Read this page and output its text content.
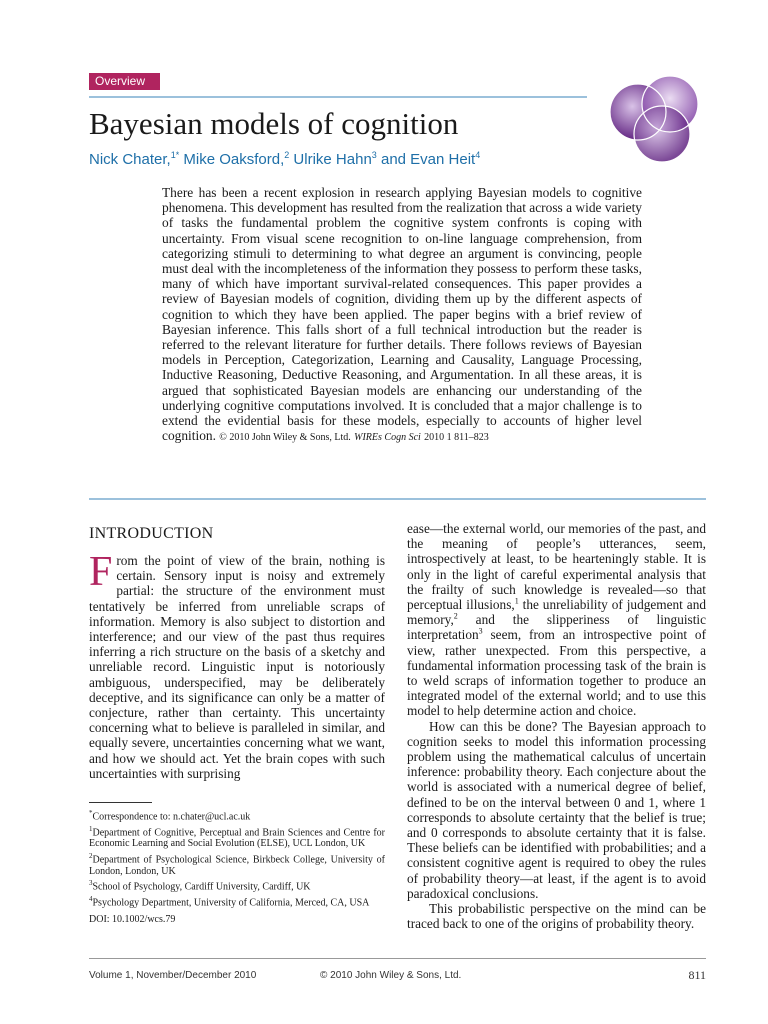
Overview
Bayesian models of cognition
Nick Chater,$^{1*}$ Mike Oaksford,$^2$ Ulrike Hahn$^3$ and Evan Heit$^4$
There has been a recent explosion in research applying Bayesian models to cognitive phenomena. This development has resulted from the realization that across a wide variety of tasks the fundamental problem the cognitive system confronts is coping with uncertainty. From visual scene recognition to on-line language comprehension, from categorizing stimuli to determining to what degree an argument is convincing, people must deal with the incompleteness of the information they possess to perform these tasks, many of which have important survival-related consequences. This paper provides a review of Bayesian models of cognition, dividing them up by the different aspects of cognition to which they have been applied. The paper begins with a brief review of Bayesian inference. This falls short of a full technical introduction but the reader is referred to the relevant literature for further details. There follows reviews of Bayesian models in Perception, Categorization, Learning and Causality, Language Processing, Inductive Reasoning, Deductive Reasoning, and Argumentation. In all these areas, it is argued that sophisticated Bayesian models are enhancing our understanding of the underlying cognitive computations involved. It is concluded that a major challenge is to extend the evidential basis for these models, especially to accounts of higher level cognition. © 2010 John Wiley & Sons, Ltd. WIREs Cogn Sci 2010 1 811–823
INTRODUCTION

From the point of view of the brain, nothing is certain. Sensory input is noisy and extremely partial: the structure of the environment must tentatively be inferred from unreliable scraps of information. Memory is also subject to distortion and interference; and our view of the past thus requires inferring a rich structure on the basis of a sketchy and unreliable record. Linguistic input is notoriously ambiguous, underspecified, may be deliberately deceptive, and its significance can only be a matter of conjecture, rather than certainty. This uncertainty concerning what to believe is paralleled in similar, and equally severe, uncertainties concerning what we want, and how we should act. Yet the brain copes with such uncertainties with surprising

*Correspondence to: n.chater@ucl.ac.uk

$^1$Department of Cognitive, Perceptual and Brain Sciences and Centre for Economic Learning and Social Evolution (ELSE), UCL London, UK

$^2$Department of Psychological Science, Birkbeck College, University of London, London, UK

$^3$School of Psychology, Cardiff University, Cardiff, UK

$^4$Psychology Department, University of California, Merced, CA, USA

DOI: 10.1002/wcs.79

ease—the external world, our memories of the past, and the meaning of people’s utterances, seem, introspectively at least, to be hearteningly stable. It is only in the light of careful experimental analysis that the frailty of such knowledge is revealed—so that perceptual illusions,$^1$ the unreliability of judgement and memory,$^2$ and the slipperiness of linguistic interpretation$^3$ seem, from an introspective point of view, rather unexpected. From this perspective, a fundamental information processing task of the brain is to weld scraps of information together to produce an integrated model of the external world; and to use this model to help determine action and choice.

How can this be done? The Bayesian approach to cognition seeks to model this information processing problem using the mathematical calculus of uncertain inference: probability theory. Each conjecture about the world is associated with a numerical degree of belief, defined to be on the interval between 0 and 1, where 1 corresponds to absolute certainty that the belief is true; and 0 corresponds to absolute certainty that it is false. These beliefs can be identified with probabilities; and a consistent cognitive agent is required to obey the rules of probability theory—at least, if the agent is to avoid paradoxical conclusions.

This probabilistic perspective on the mind can be traced back to one of the origins of probability theory.

Volume 1, November/December 2010	© 2010 John Wiley & Sons, Ltd.	811
